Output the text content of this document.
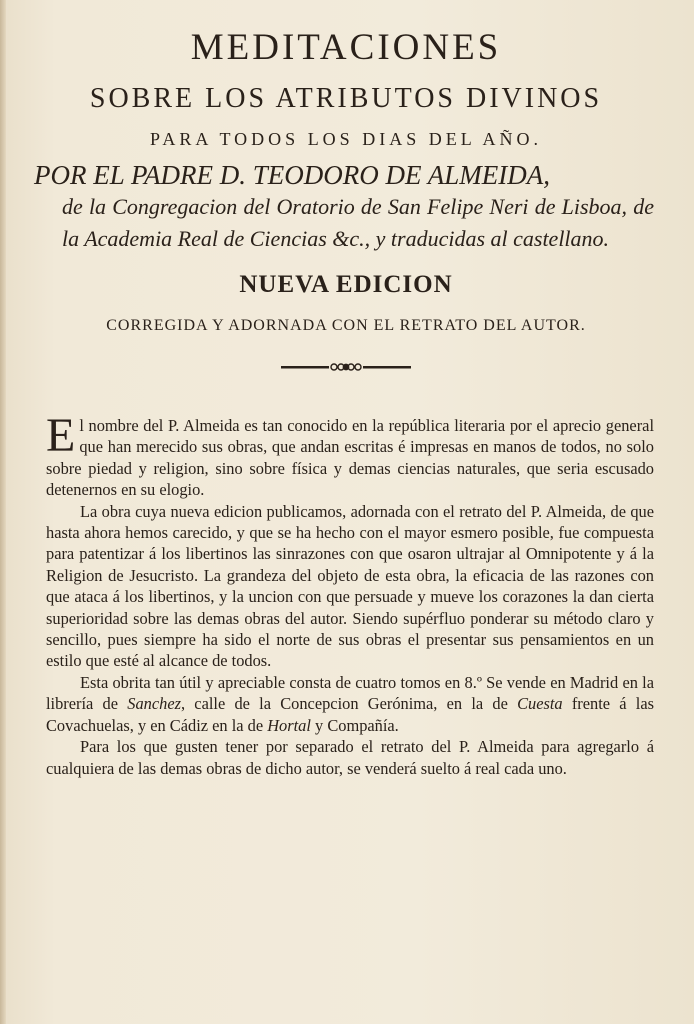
MEDITACIONES
SOBRE LOS ATRIBUTOS DIVINOS
PARA TODOS LOS DIAS DEL AÑO.
POR EL PADRE D. TEODORO DE ALMEIDA,
de la Congregacion del Oratorio de San Felipe Neri de Lisboa, de la Academia Real de Ciencias &c., y traducidas al castellano.
NUEVA EDICION
CORREGIDA Y ADORNADA CON EL RETRATO DEL AUTOR.

El nombre del P. Almeida es tan conocido en la república literaria por el aprecio general que han merecido sus obras, que andan escritas é impresas en manos de todos, no solo sobre piedad y religion, sino sobre física y demas ciencias naturales, que seria escusado detenernos en su elogio.

La obra cuya nueva edicion publicamos, adornada con el retrato del P. Almeida, de que hasta ahora hemos carecido, y que se ha hecho con el mayor esmero posible, fue compuesta para patentizar á los libertinos las sinrazones con que osaron ultrajar al Omnipotente y á la Religion de Jesucristo. La grandeza del objeto de esta obra, la eficacia de las razones con que ataca á los libertinos, y la uncion con que persuade y mueve los corazones la dan cierta superioridad sobre las demas obras del autor. Siendo supérfluo ponderar su método claro y sencillo, pues siempre ha sido el norte de sus obras el presentar sus pensamientos en un estilo que esté al alcance de todos.

Esta obrita tan útil y apreciable consta de cuatro tomos en 8.º Se vende en Madrid en la librería de Sanchez, calle de la Concepcion Gerónima, en la de Cuesta frente á las Covachuelas, y en Cádiz en la de Hortal y Compañía.

Para los que gusten tener por separado el retrato del P. Almeida para agregarlo á cualquiera de las demas obras de dicho autor, se venderá suelto á real cada uno.
